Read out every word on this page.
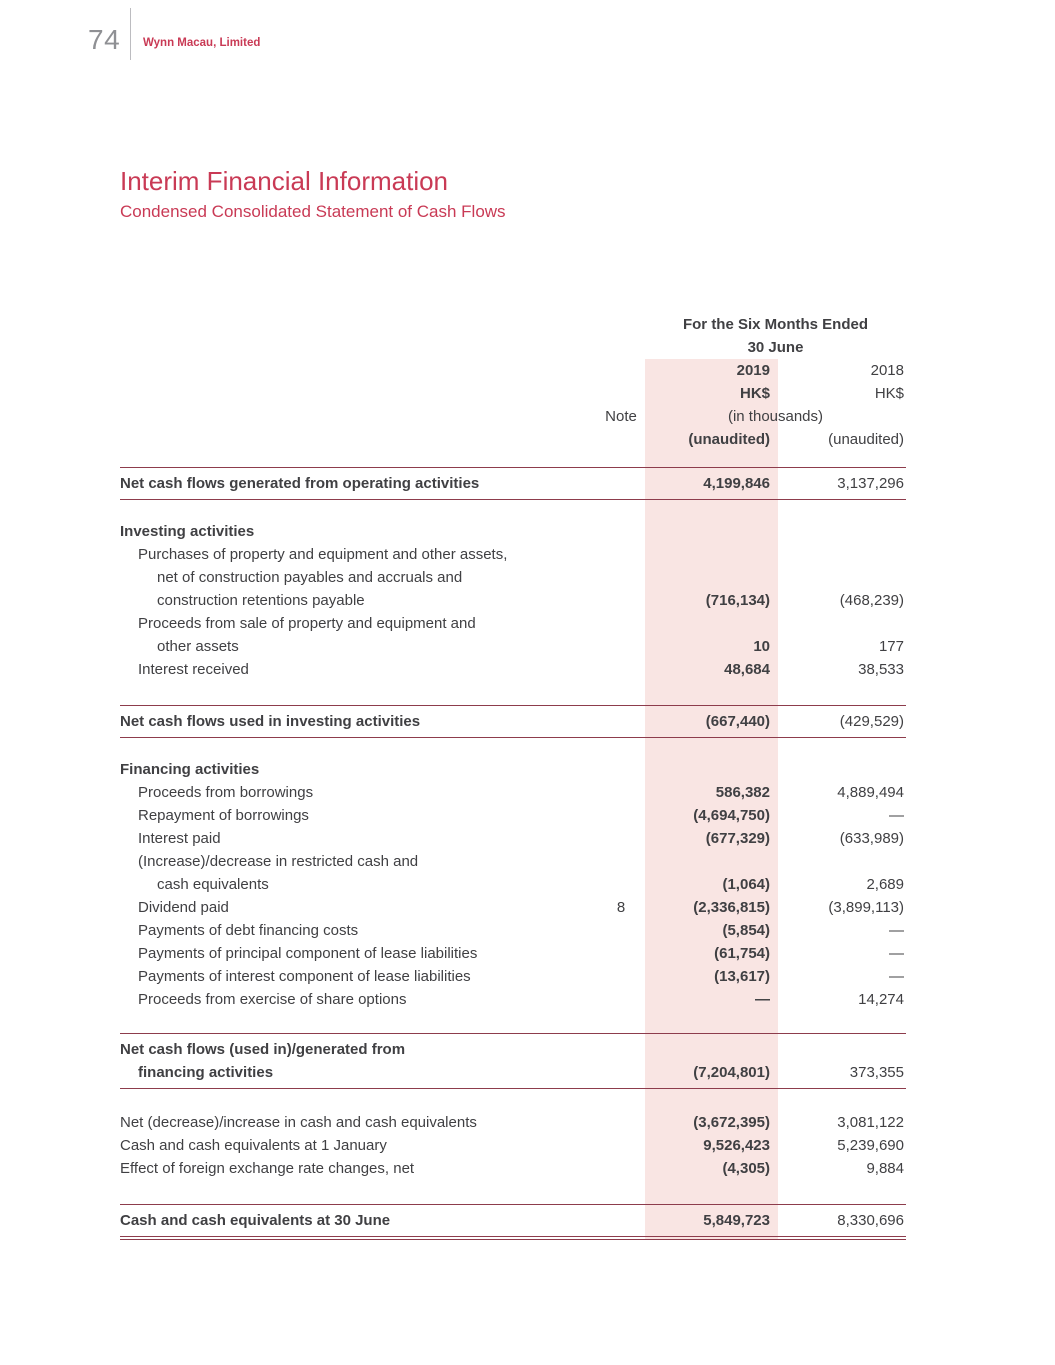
74 Wynn Macau, Limited
Interim Financial Information
Condensed Consolidated Statement of Cash Flows
For the Six Months Ended
30 June
2019	2018
HK$	HK$
Note	(in thousands)
(unaudited)	(unaudited)
Net cash flows generated from operating activities	4,199,846	3,137,296
Investing activities
Purchases of property and equipment and other assets,
net of construction payables and accruals and
construction retentions payable	(716,134)	(468,239)
Proceeds from sale of property and equipment and
other assets	10	177
Interest received	48,684	38,533
Net cash flows used in investing activities	(667,440)	(429,529)
Financing activities
Proceeds from borrowings	586,382	4,889,494
Repayment of borrowings	(4,694,750)	—
Interest paid	(677,329)	(633,989)
(Increase)/decrease in restricted cash and
cash equivalents	(1,064)	2,689
Dividend paid	8	(2,336,815)	(3,899,113)
Payments of debt financing costs	(5,854)	—
Payments of principal component of lease liabilities	(61,754)	—
Payments of interest component of lease liabilities	(13,617)	—
Proceeds from exercise of share options	—	14,274
Net cash flows (used in)/generated from
financing activities	(7,204,801)	373,355
Net (decrease)/increase in cash and cash equivalents	(3,672,395)	3,081,122
Cash and cash equivalents at 1 January	9,526,423	5,239,690
Effect of foreign exchange rate changes, net	(4,305)	9,884
Cash and cash equivalents at 30 June	5,849,723	8,330,696
